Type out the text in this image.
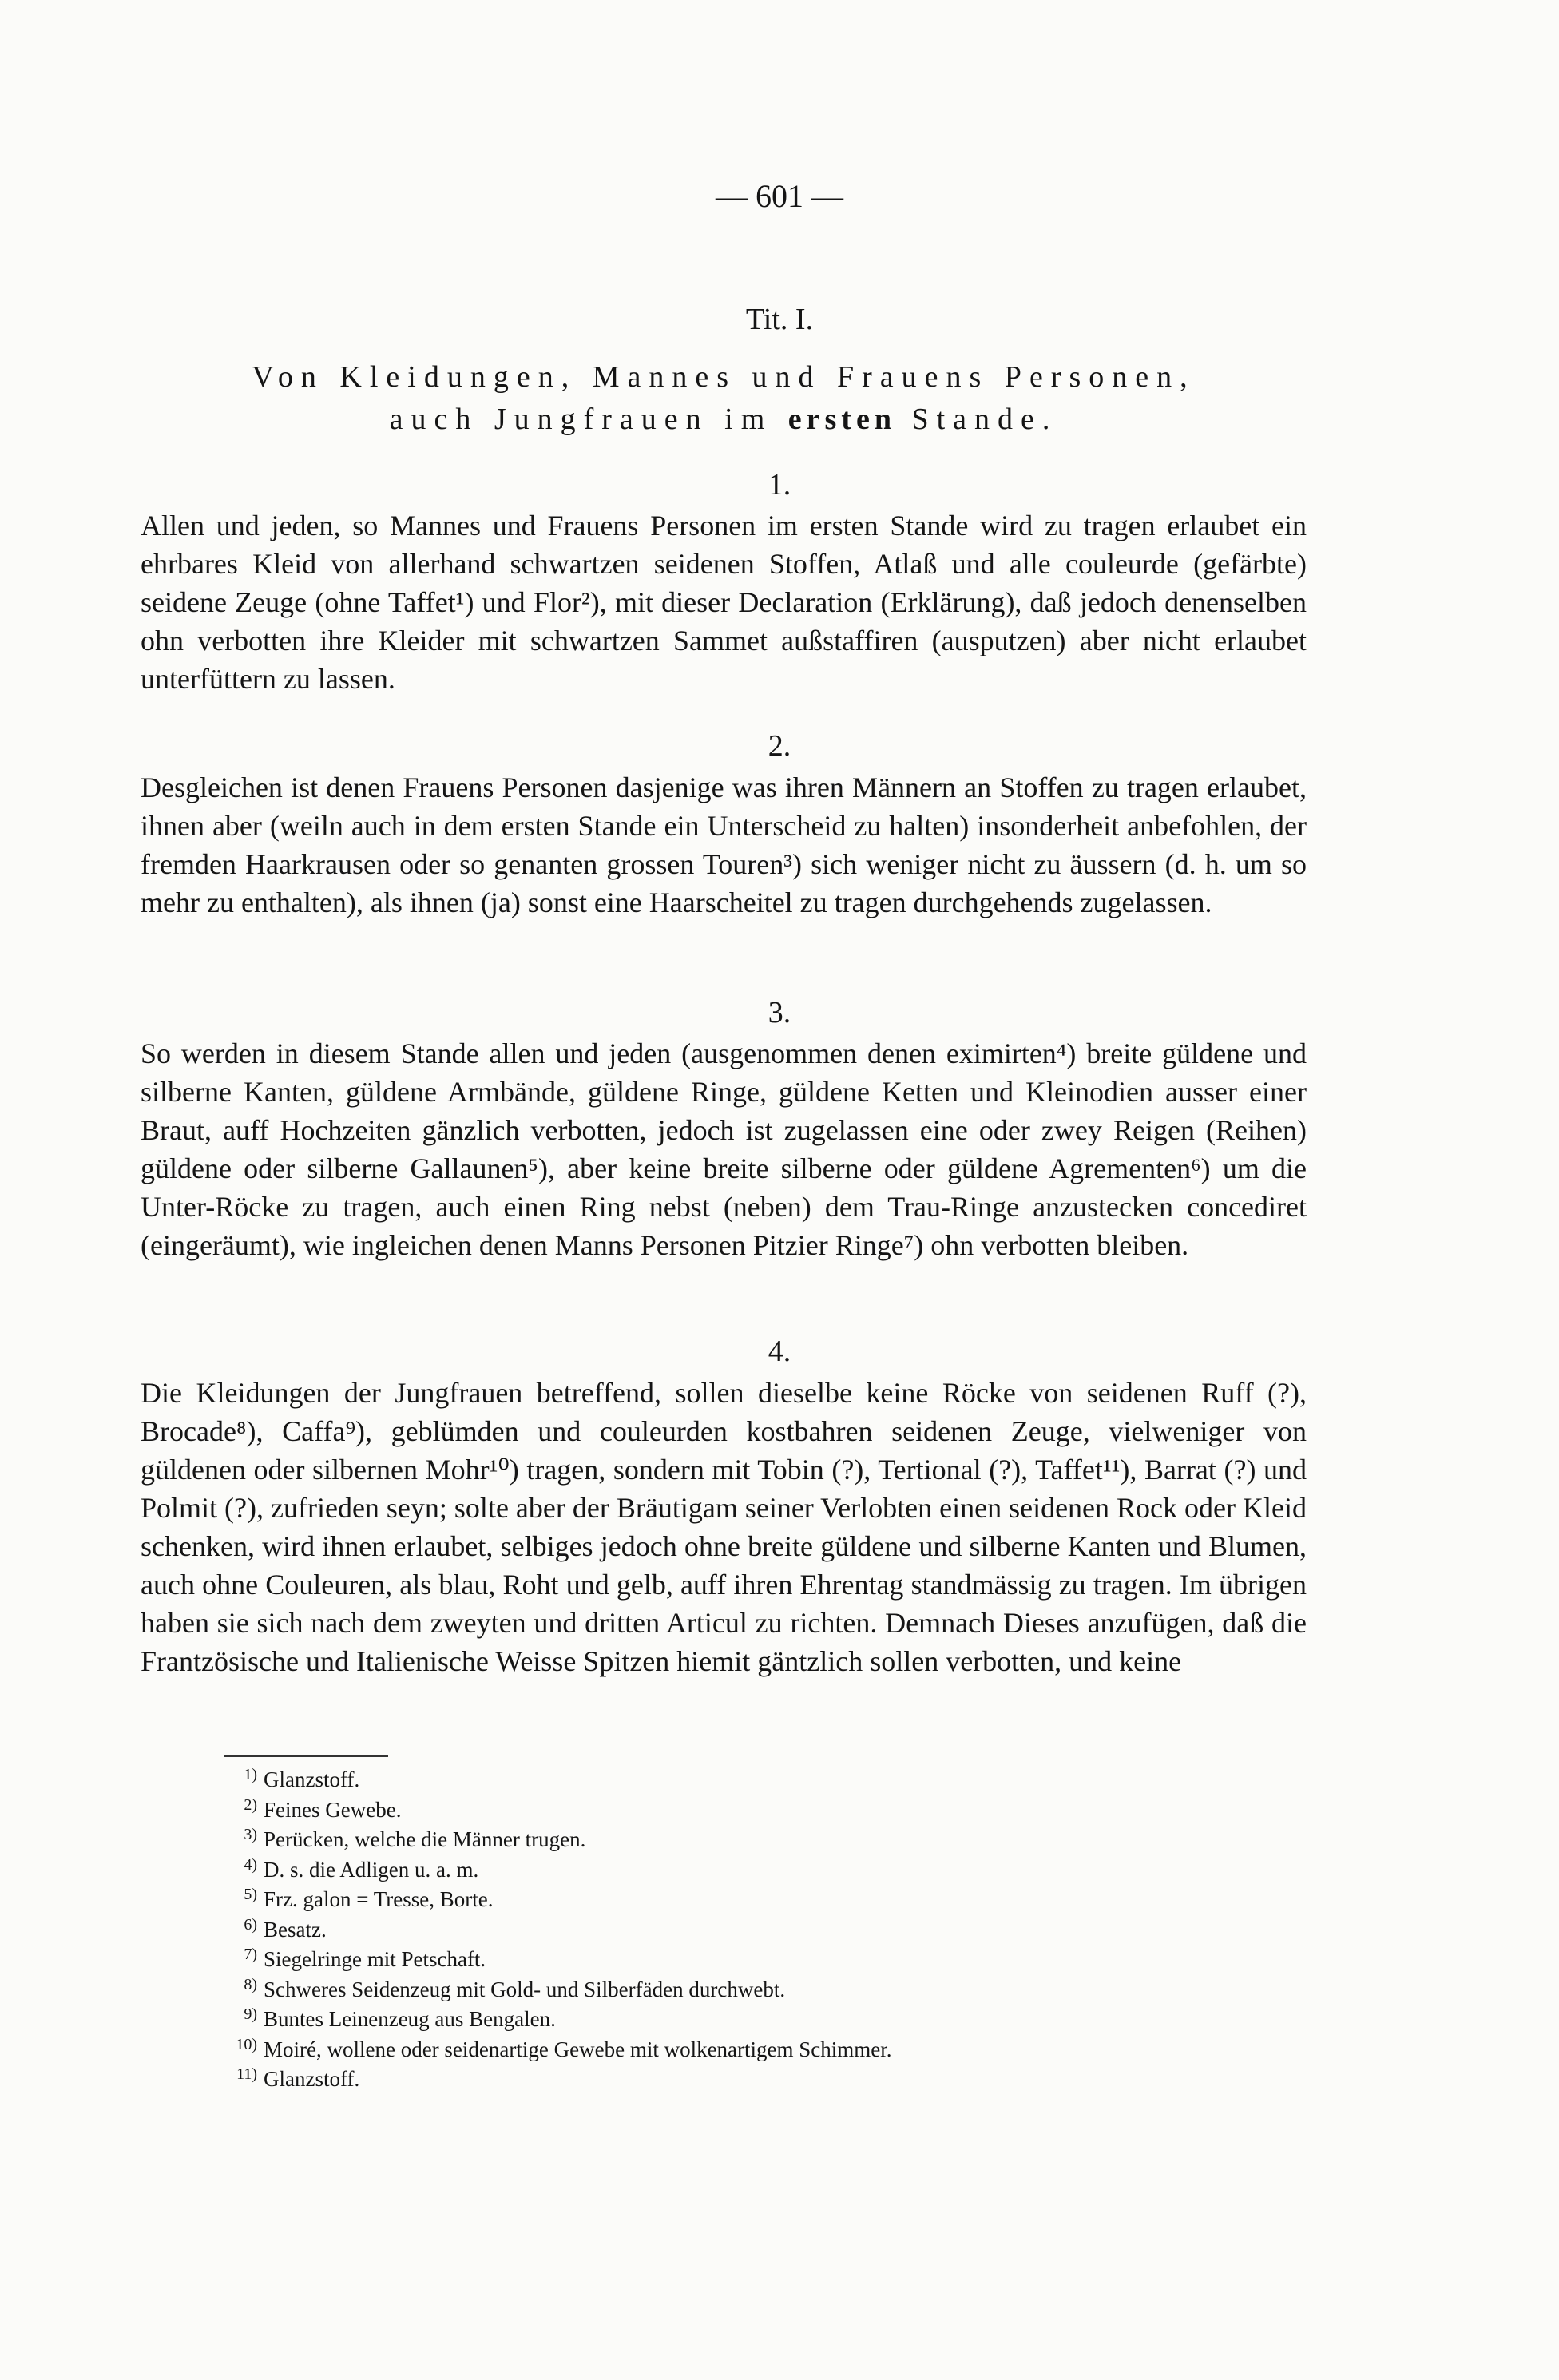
— 601 —
Tit. I.
Von Kleidungen, Mannes und Frauens Personen,
auch Jungfrauen im ersten Stande.
1.

Allen und jeden, so Mannes und Frauens Personen im ersten Stande wird zu tragen erlaubet ein ehrbares Kleid von allerhand schwartzen seidenen Stoffen, Atlaß und alle couleurde (gefärbte) seidene Zeuge (ohne Taffet¹) und Flor²), mit dieser Declaration (Erklärung), daß jedoch denenselben ohn verbotten ihre Kleider mit schwartzen Sammet außstaffiren (ausputzen) aber nicht erlaubet unterfüttern zu lassen.

2.

Desgleichen ist denen Frauens Personen dasjenige was ihren Männern an Stoffen zu tragen erlaubet, ihnen aber (weiln auch in dem ersten Stande ein Unterscheid zu halten) insonderheit anbefohlen, der fremden Haarkrausen oder so genanten grossen Touren³) sich weniger nicht zu äussern (d. h. um so mehr zu enthalten), als ihnen (ja) sonst eine Haarscheitel zu tragen durchgehends zugelassen.

3.

So werden in diesem Stande allen und jeden (ausgenommen denen eximirten⁴) breite güldene und silberne Kanten, güldene Armbände, güldene Ringe, güldene Ketten und Kleinodien ausser einer Braut, auff Hochzeiten gänzlich verbotten, jedoch ist zugelassen eine oder zwey Reigen (Reihen) güldene oder silberne Gallaunen⁵), aber keine breite silberne oder güldene Agrementen⁶) um die Unter-Röcke zu tragen, auch einen Ring nebst (neben) dem Trau-Ringe anzustecken concediret (eingeräumt), wie ingleichen denen Manns Personen Pitzier Ringe⁷) ohn verbotten bleiben.

4.

Die Kleidungen der Jungfrauen betreffend, sollen dieselbe keine Röcke von seidenen Ruff (?), Brocade⁸), Caffa⁹), geblümden und couleurden kostbahren seidenen Zeuge, vielweniger von güldenen oder silbernen Mohr¹⁰) tragen, sondern mit Tobin (?), Tertional (?), Taffet¹¹), Barrat (?) und Polmit (?), zufrieden seyn; solte aber der Bräutigam seiner Verlobten einen seidenen Rock oder Kleid schenken, wird ihnen erlaubet, selbiges jedoch ohne breite güldene und silberne Kanten und Blumen, auch ohne Couleuren, als blau, Roht und gelb, auff ihren Ehrentag standmässig zu tragen. Im übrigen haben sie sich nach dem zweyten und dritten Articul zu richten. Demnach Dieses anzufügen, daß die Frantzösische und Italienische Weisse Spitzen hiemit gäntzlich sollen verbotten, und keine

1) Glanzstoff.
2) Feines Gewebe.
3) Perücken, welche die Männer trugen.
4) D. s. die Adligen u. a. m.
5) Frz. galon = Tresse, Borte.
6) Besatz.
7) Siegelringe mit Petschaft.
8) Schweres Seidenzeug mit Gold- und Silberfäden durchwebt.
9) Buntes Leinenzeug aus Bengalen.
10) Moiré, wollene oder seidenartige Gewebe mit wolkenartigem Schimmer.
11) Glanzstoff.
